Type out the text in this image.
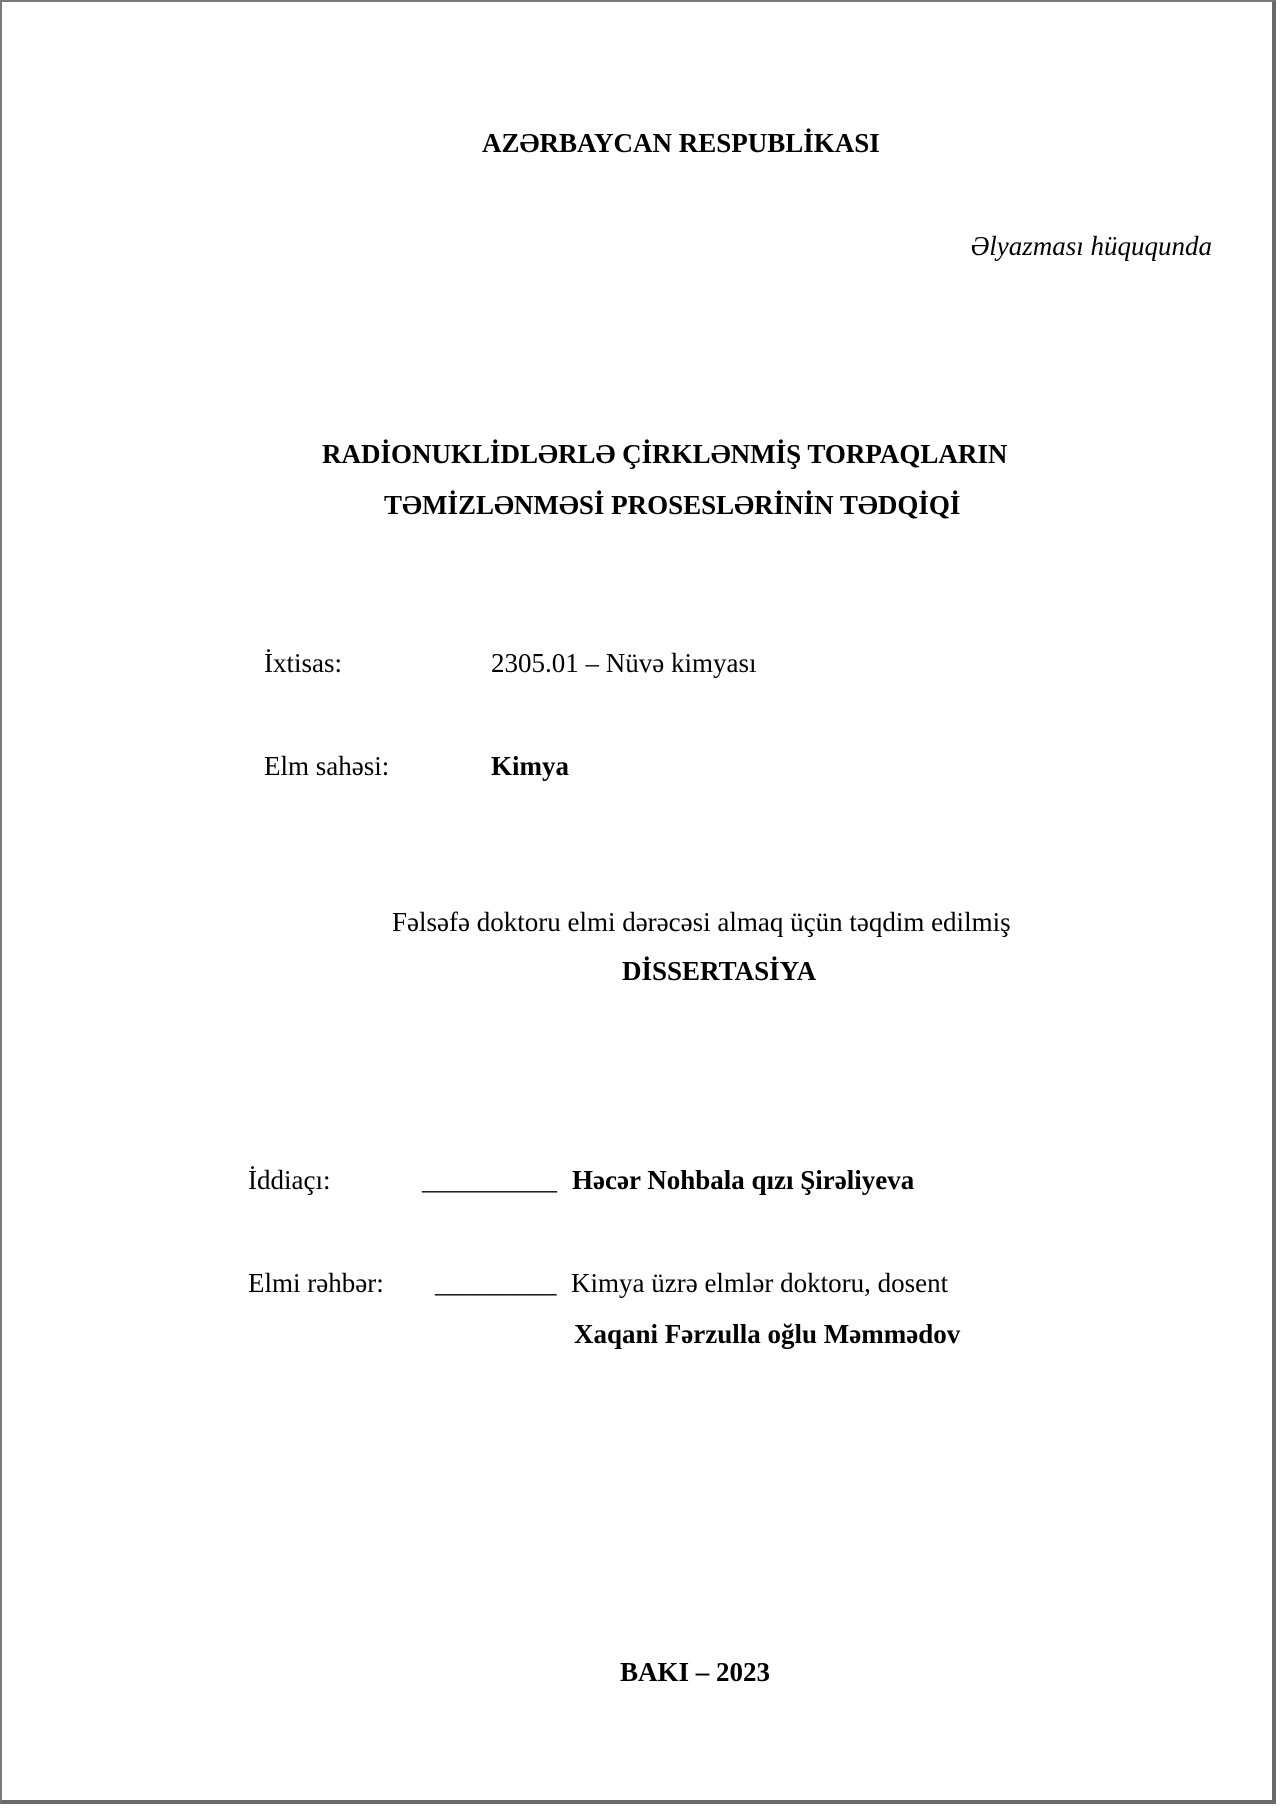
AZƏRBAYCAN RESPUBLİKASI
Əlyazması hüququnda
RADİONUKLİDLƏRLƏ ÇİRKLƏNMİŞ TORPAQLARIN
TƏMİZLƏNMƏSİ PROSESLƏRİNİN TƏDQİQİ
İxtisas:	2305.01 – Nüvə kimyası
Elm sahəsi:	Kimya
Fəlsəfə doktoru elmi dərəcəsi almaq üçün təqdim edilmiş
DİSSERTASİYA
İddiaçı:	__________ Həcər Nohbala qızı Şirəliyeva
Elmi rəhbər: _________ Kimya üzrə elmlər doktoru, dosent
Xaqani Fərzulla oğlu Məmmədov
BAKI – 2023
